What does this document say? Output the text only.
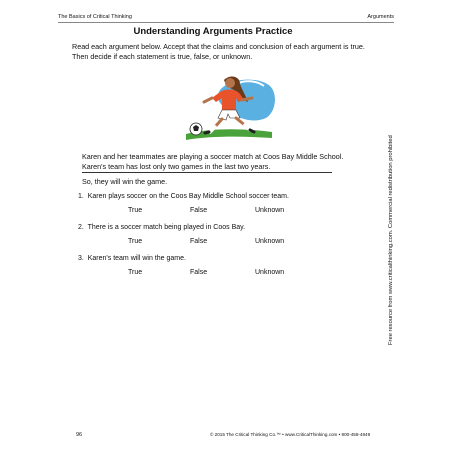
The Basics of Critical Thinking	Arguments
Understanding Arguments Practice
Read each argument below. Accept that the claims and conclusion of each argument is true. Then decide if each statement is true, false, or unknown.
Karen and her teammates are playing a soccer match at Coos Bay Middle School.
Karen's team has lost only two games in the last two years.
So, they will win the game.
1. Karen plays soccer on the Coos Bay Middle School soccer team.
True	False	Unknown
2. There is a soccer match being played in Coos Bay.
True	False	Unknown
3. Karen's team will win the game.
True	False	Unknown	Free resource from www.criticalthinking.com. Commercial redistribution prohibited
96	© 2015 The Critical Thinking Co.™ • www.CriticalThinking.com • 800-458-4849
